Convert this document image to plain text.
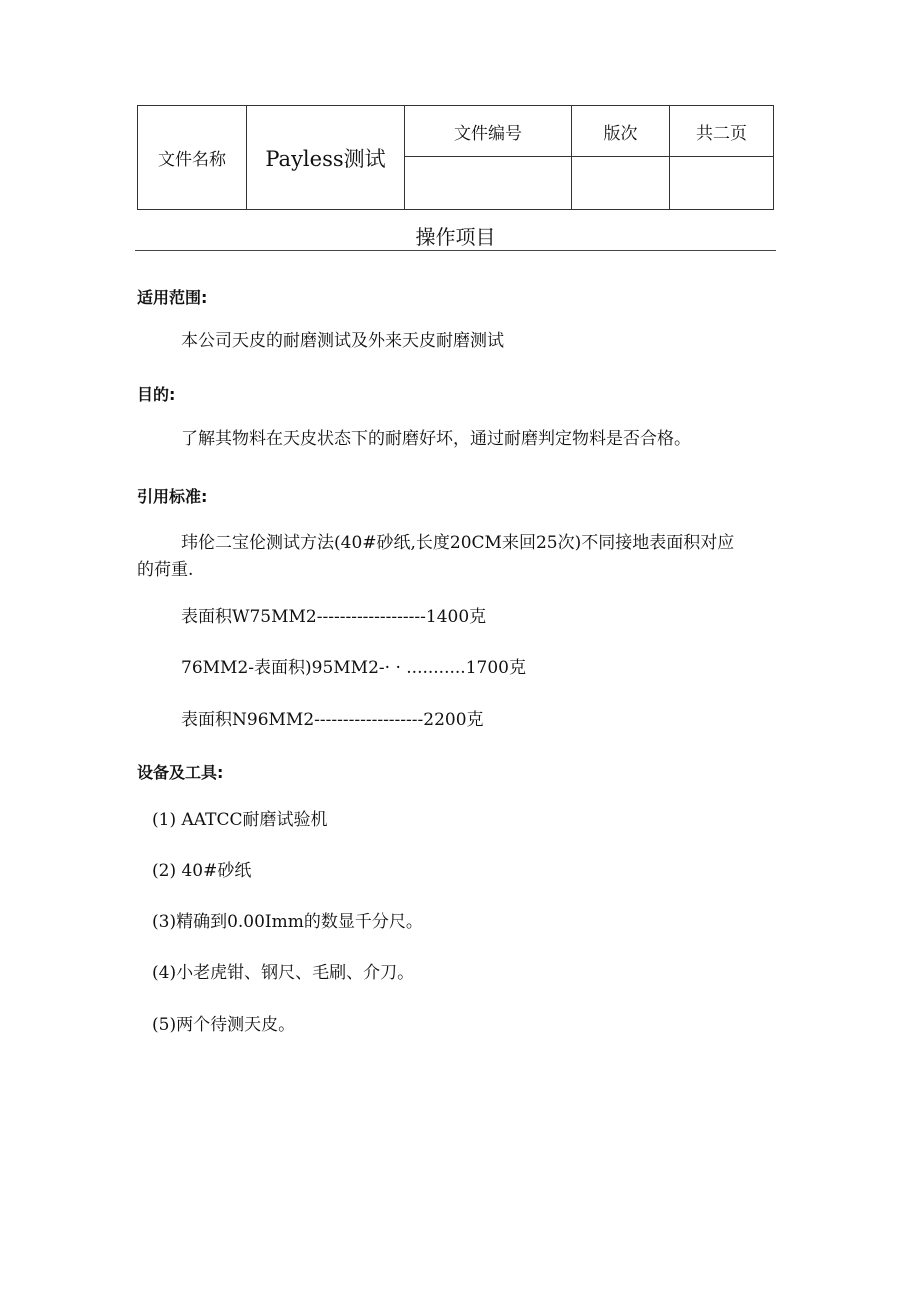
文件名称	Payless测试	文件编号	版次	共二页

操作项目
适用范围:
本公司天皮的耐磨测试及外来天皮耐磨测试
目的:
了解其物料在天皮状态下的耐磨好坏，通过耐磨判定物料是否合格。
引用标准:
玮伦二宝伦测试方法(40#砂纸,长度20CM来回25次)不同接地表面积对应
的荷重.
表面积W75MM2-------------------1400克
76MM2-表面积)95MM2-· · ...........1700克
表面积N96MM2-------------------2200克
设备及工具:
(1) AATCC耐磨试验机
(2) 40#砂纸
(3)精确到0.00Imm的数显千分尺。
(4)小老虎钳、钢尺、毛刷、介刀。
(5)两个待测天皮。
